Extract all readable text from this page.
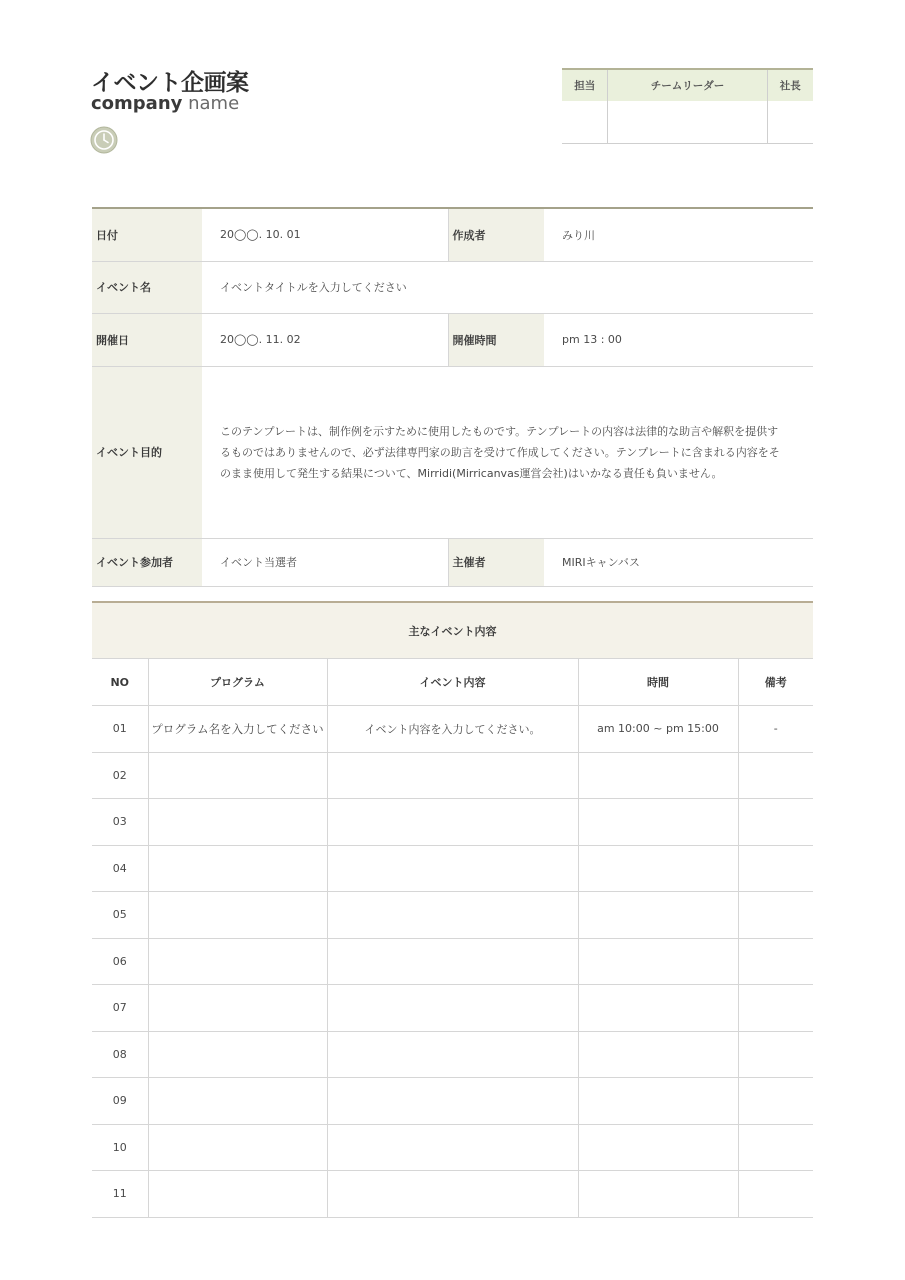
イベント企画案
company name
担当	チームリーダー	社長

日付	20◯◯. 10. 01	作成者	みり川
イベント名	イベントタイトルを入力してください		
開催日	20◯◯. 11. 02	開催時間	pm 13 : 00
イベント目的	このテンプレートは、制作例を示すために使用したものです。テンプレートの内容は法律的な助言や解釈を提供するものではありませんので、必ず法律専門家の助言を受けて作成してください。テンプレートに含まれる内容をそのまま使用して発生する結果について、Mirridi(Mirricanvas運営会社)はいかなる責任も負いません。		
イベント参加者	イベント当選者	主催者	MIRIキャンバス
主なイベント内容				
NO	プログラム	イベント内容	時間	備考
01	プログラム名を入力してください	イベント内容を入力してください。	am 10:00 ~ pm 15:00	-
02				
03				
04				
05				
06				
07				
08				
09				
10				
11				
